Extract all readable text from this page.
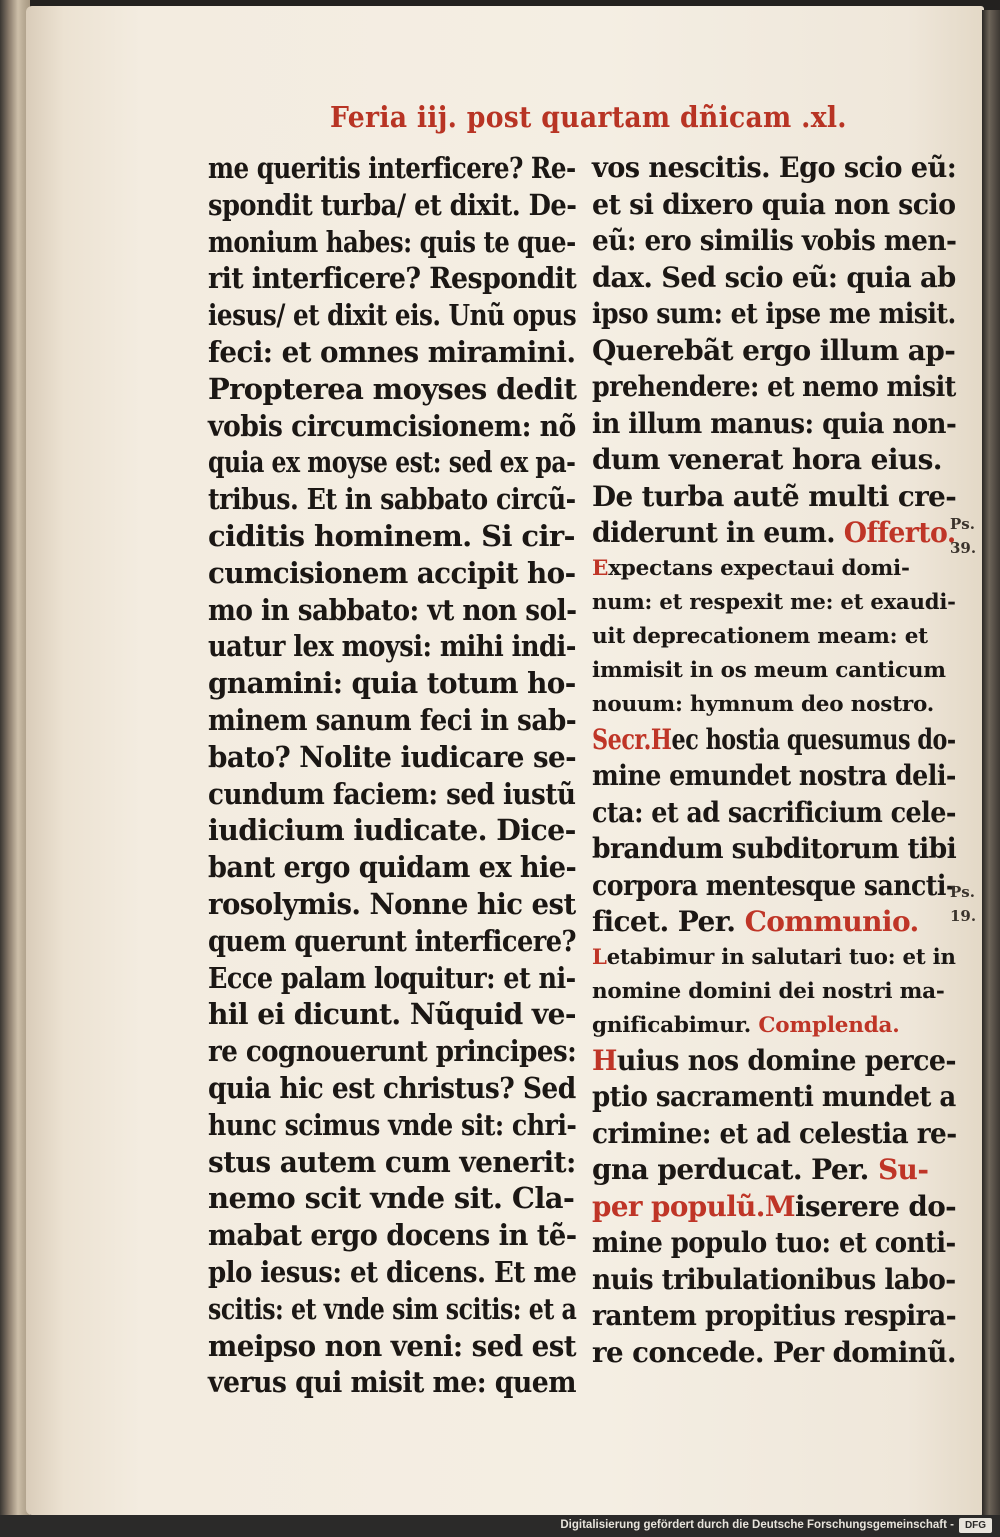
Feria iij. post quartam dñicam .xl.
me queritis interficere? Re-
spondit turba/ et dixit. De-
monium habes: quis te que-
rit interficere? Respondit
iesus/ et dixit eis. Unũ opus
feci: et omnes miramini.
Propterea moyses dedit
vobis circumcisionem: nõ
quia ex moyse est: sed ex pa-
tribus. Et in sabbato circũ-
ciditis hominem. Si cir-
cumcisionem accipit ho-
mo in sabbato: vt non sol-
uatur lex moysi: mihi indi-
gnamini: quia totum ho-
minem sanum feci in sab-
bato? Nolite iudicare se-
cundum faciem: sed iustũ
iudicium iudicate. Dice-
bant ergo quidam ex hie-
rosolymis. Nonne hic est
quem querunt interficere?
Ecce palam loquitur: et ni-
hil ei dicunt. Nũquid ve-
re cognouerunt principes:
quia hic est christus? Sed
hunc scimus vnde sit: chri-
stus autem cum venerit:
nemo scit vnde sit. Cla-
mabat ergo docens in tẽ-
plo iesus: et dicens. Et me
scitis: et vnde sim scitis: et a
meipso non veni: sed est
verus qui misit me: quem
vos nescitis. Ego scio eũ:
et si dixero quia non scio
eũ: ero similis vobis men-
dax. Sed scio eũ: quia ab
ipso sum: et ipse me misit.
Querebãt ergo illum ap-
prehendere: et nemo misit
in illum manus: quia non-
dum venerat hora eius.
De turba autẽ multi cre-
diderunt in eum. Offerto.
Expectans expectaui domi-
num: et respexit me: et exaudi-
uit deprecationem meam: et
immisit in os meum canticum
nouum: hymnum deo nostro.
Secr.Hec hostia quesumus do-
mine emundet nostra deli-
cta: et ad sacrificium cele-
brandum subditorum tibi
corpora mentesque sancti-
ficet. Per. Communio.
Letabimur in salutari tuo: et in
nomine domini dei nostri ma-
gnificabimur. Complenda.
Huius nos domine perce-
ptio sacramenti mundet a
crimine: et ad celestia re-
gna perducat. Per. Su-
per populũ.Miserere do-
mine populo tuo: et conti-
nuis tribulationibus labo-
rantem propitius respira-
re concede. Per dominũ.
Ps. 39.
Ps. 19.
Digitalisierung gefördert durch die Deutsche Forschungsgemeinschaft -	DFG
